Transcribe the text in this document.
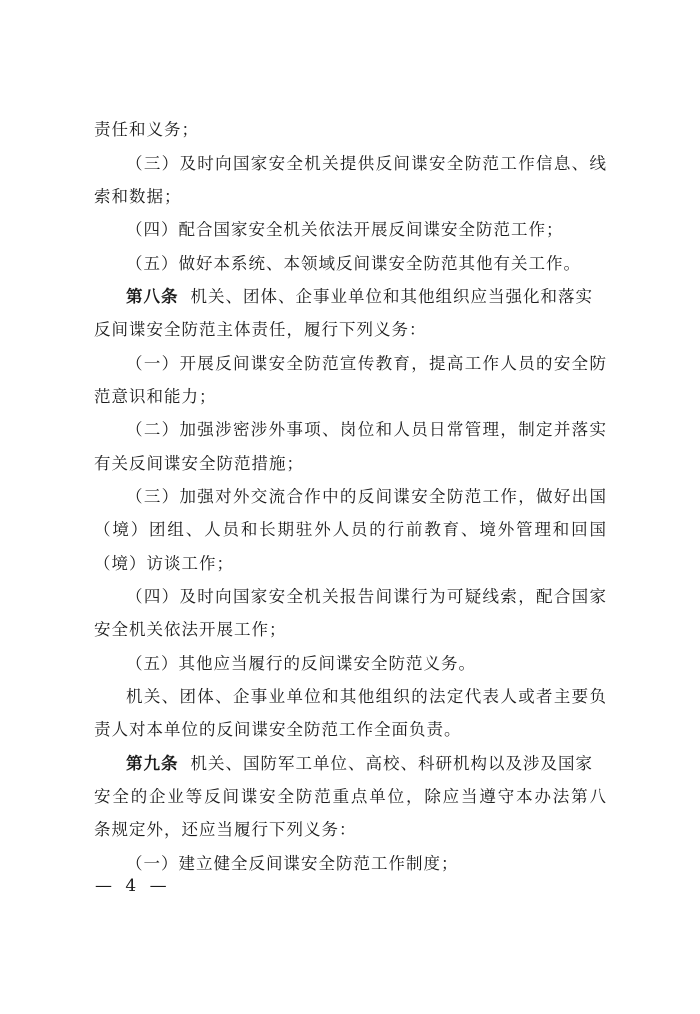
责任和义务；
（三）及时向国家安全机关提供反间谍安全防范工作信息、线
索和数据；
（四）配合国家安全机关依法开展反间谍安全防范工作；
（五）做好本系统、本领域反间谍安全防范其他有关工作。
第八条 机关、团体、企事业单位和其他组织应当强化和落实
反间谍安全防范主体责任，履行下列义务：
（一）开展反间谍安全防范宣传教育，提高工作人员的安全防
范意识和能力；
（二）加强涉密涉外事项、岗位和人员日常管理，制定并落实
有关反间谍安全防范措施；
（三）加强对外交流合作中的反间谍安全防范工作，做好出国
（境）团组、人员和长期驻外人员的行前教育、境外管理和回国
（境）访谈工作；
（四）及时向国家安全机关报告间谍行为可疑线索，配合国家
安全机关依法开展工作；
（五）其他应当履行的反间谍安全防范义务。
机关、团体、企事业单位和其他组织的法定代表人或者主要负
责人对本单位的反间谍安全防范工作全面负责。
第九条 机关、国防军工单位、高校、科研机构以及涉及国家
安全的企业等反间谍安全防范重点单位，除应当遵守本办法第八
条规定外，还应当履行下列义务：
（一）建立健全反间谍安全防范工作制度；
— 4 —
